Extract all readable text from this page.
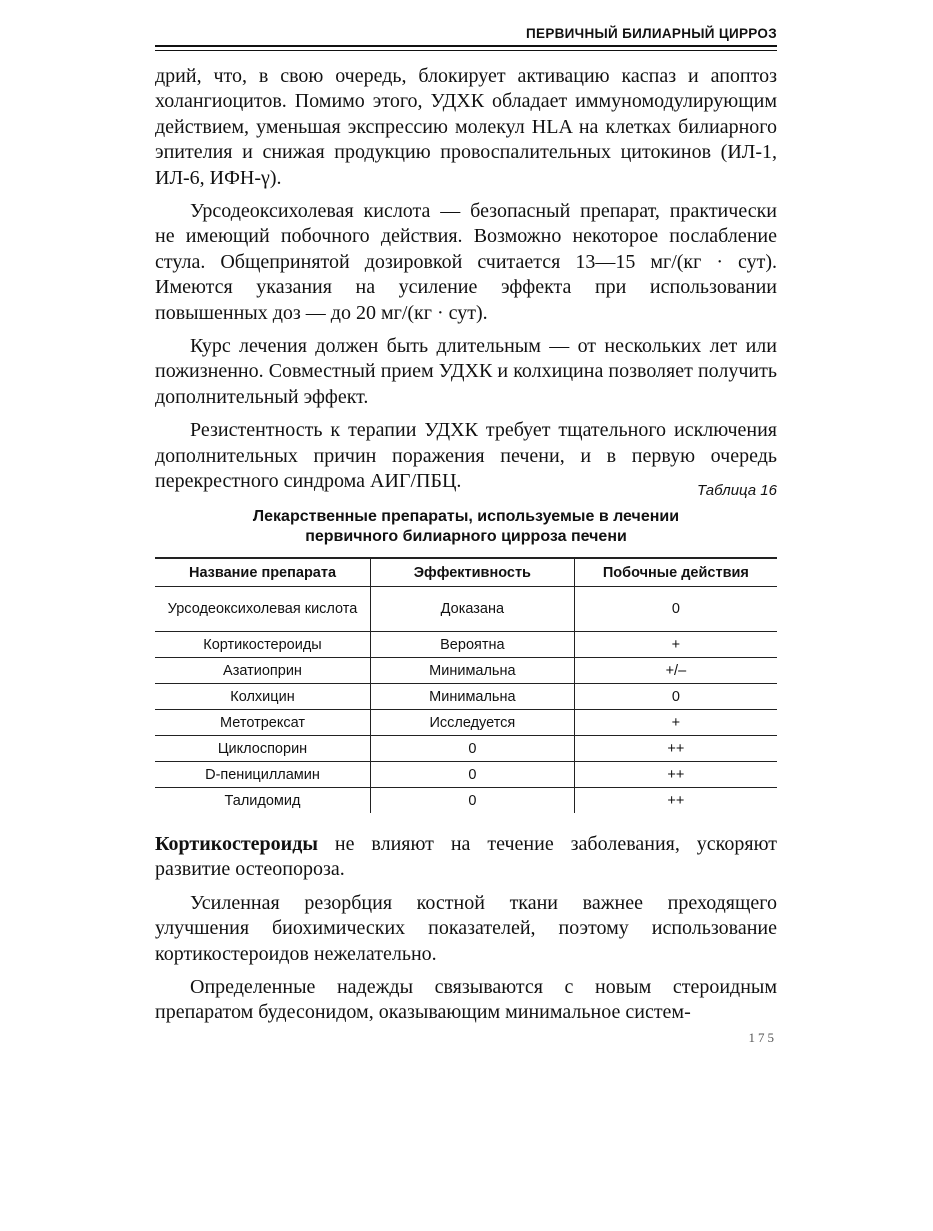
ПЕРВИЧНЫЙ БИЛИАРНЫЙ ЦИРРОЗ

дрий, что, в свою очередь, блокирует активацию каспаз и апоптоз холангиоцитов. Помимо этого, УДХК обладает иммуномодулирующим действием, уменьшая экспрессию молекул HLA на клетках билиарного эпителия и снижая продукцию провоспалительных цитокинов (ИЛ-1, ИЛ-6, ИФН-γ).

Урсодеоксихолевая кислота — безопасный препарат, практически не имеющий побочного действия. Возможно некоторое послабление стула. Общепринятой дозировкой считается 13—15 мг/(кг · сут). Имеются указания на усиление эффекта при использовании повышенных доз — до 20 мг/(кг · сут).

Курс лечения должен быть длительным — от нескольких лет или пожизненно. Совместный прием УДХК и колхицина позволяет получить дополнительный эффект.

Резистентность к терапии УДХК требует тщательного исключения дополнительных причин поражения печени, и в первую очередь перекрестного синдрома АИГ/ПБЦ.	Таблица 16
Лекарственные препараты, используемые в лечении
первичного билиарного цирроза печени
Название препарата	Эффективность	Побочные действия
Урсодеоксихолевая кислота	Доказана	0
Кортикостероиды	Вероятна	+
Азатиоприн	Минимальна	+/–
Колхицин	Минимальна	0
Метотрексат	Исследуется	+
Циклоспорин	0	++
D-пеницилламин	0	++
Талидомид	0	++

Кортикостероиды не влияют на течение заболевания, ускоряют развитие остеопороза.

Усиленная резорбция костной ткани важнее преходящего улучшения биохимических показателей, поэтому использование кортикостероидов нежелательно.

Определенные надежды связываются с новым стероидным препаратом будесонидом, оказывающим минимальное систем-

175
